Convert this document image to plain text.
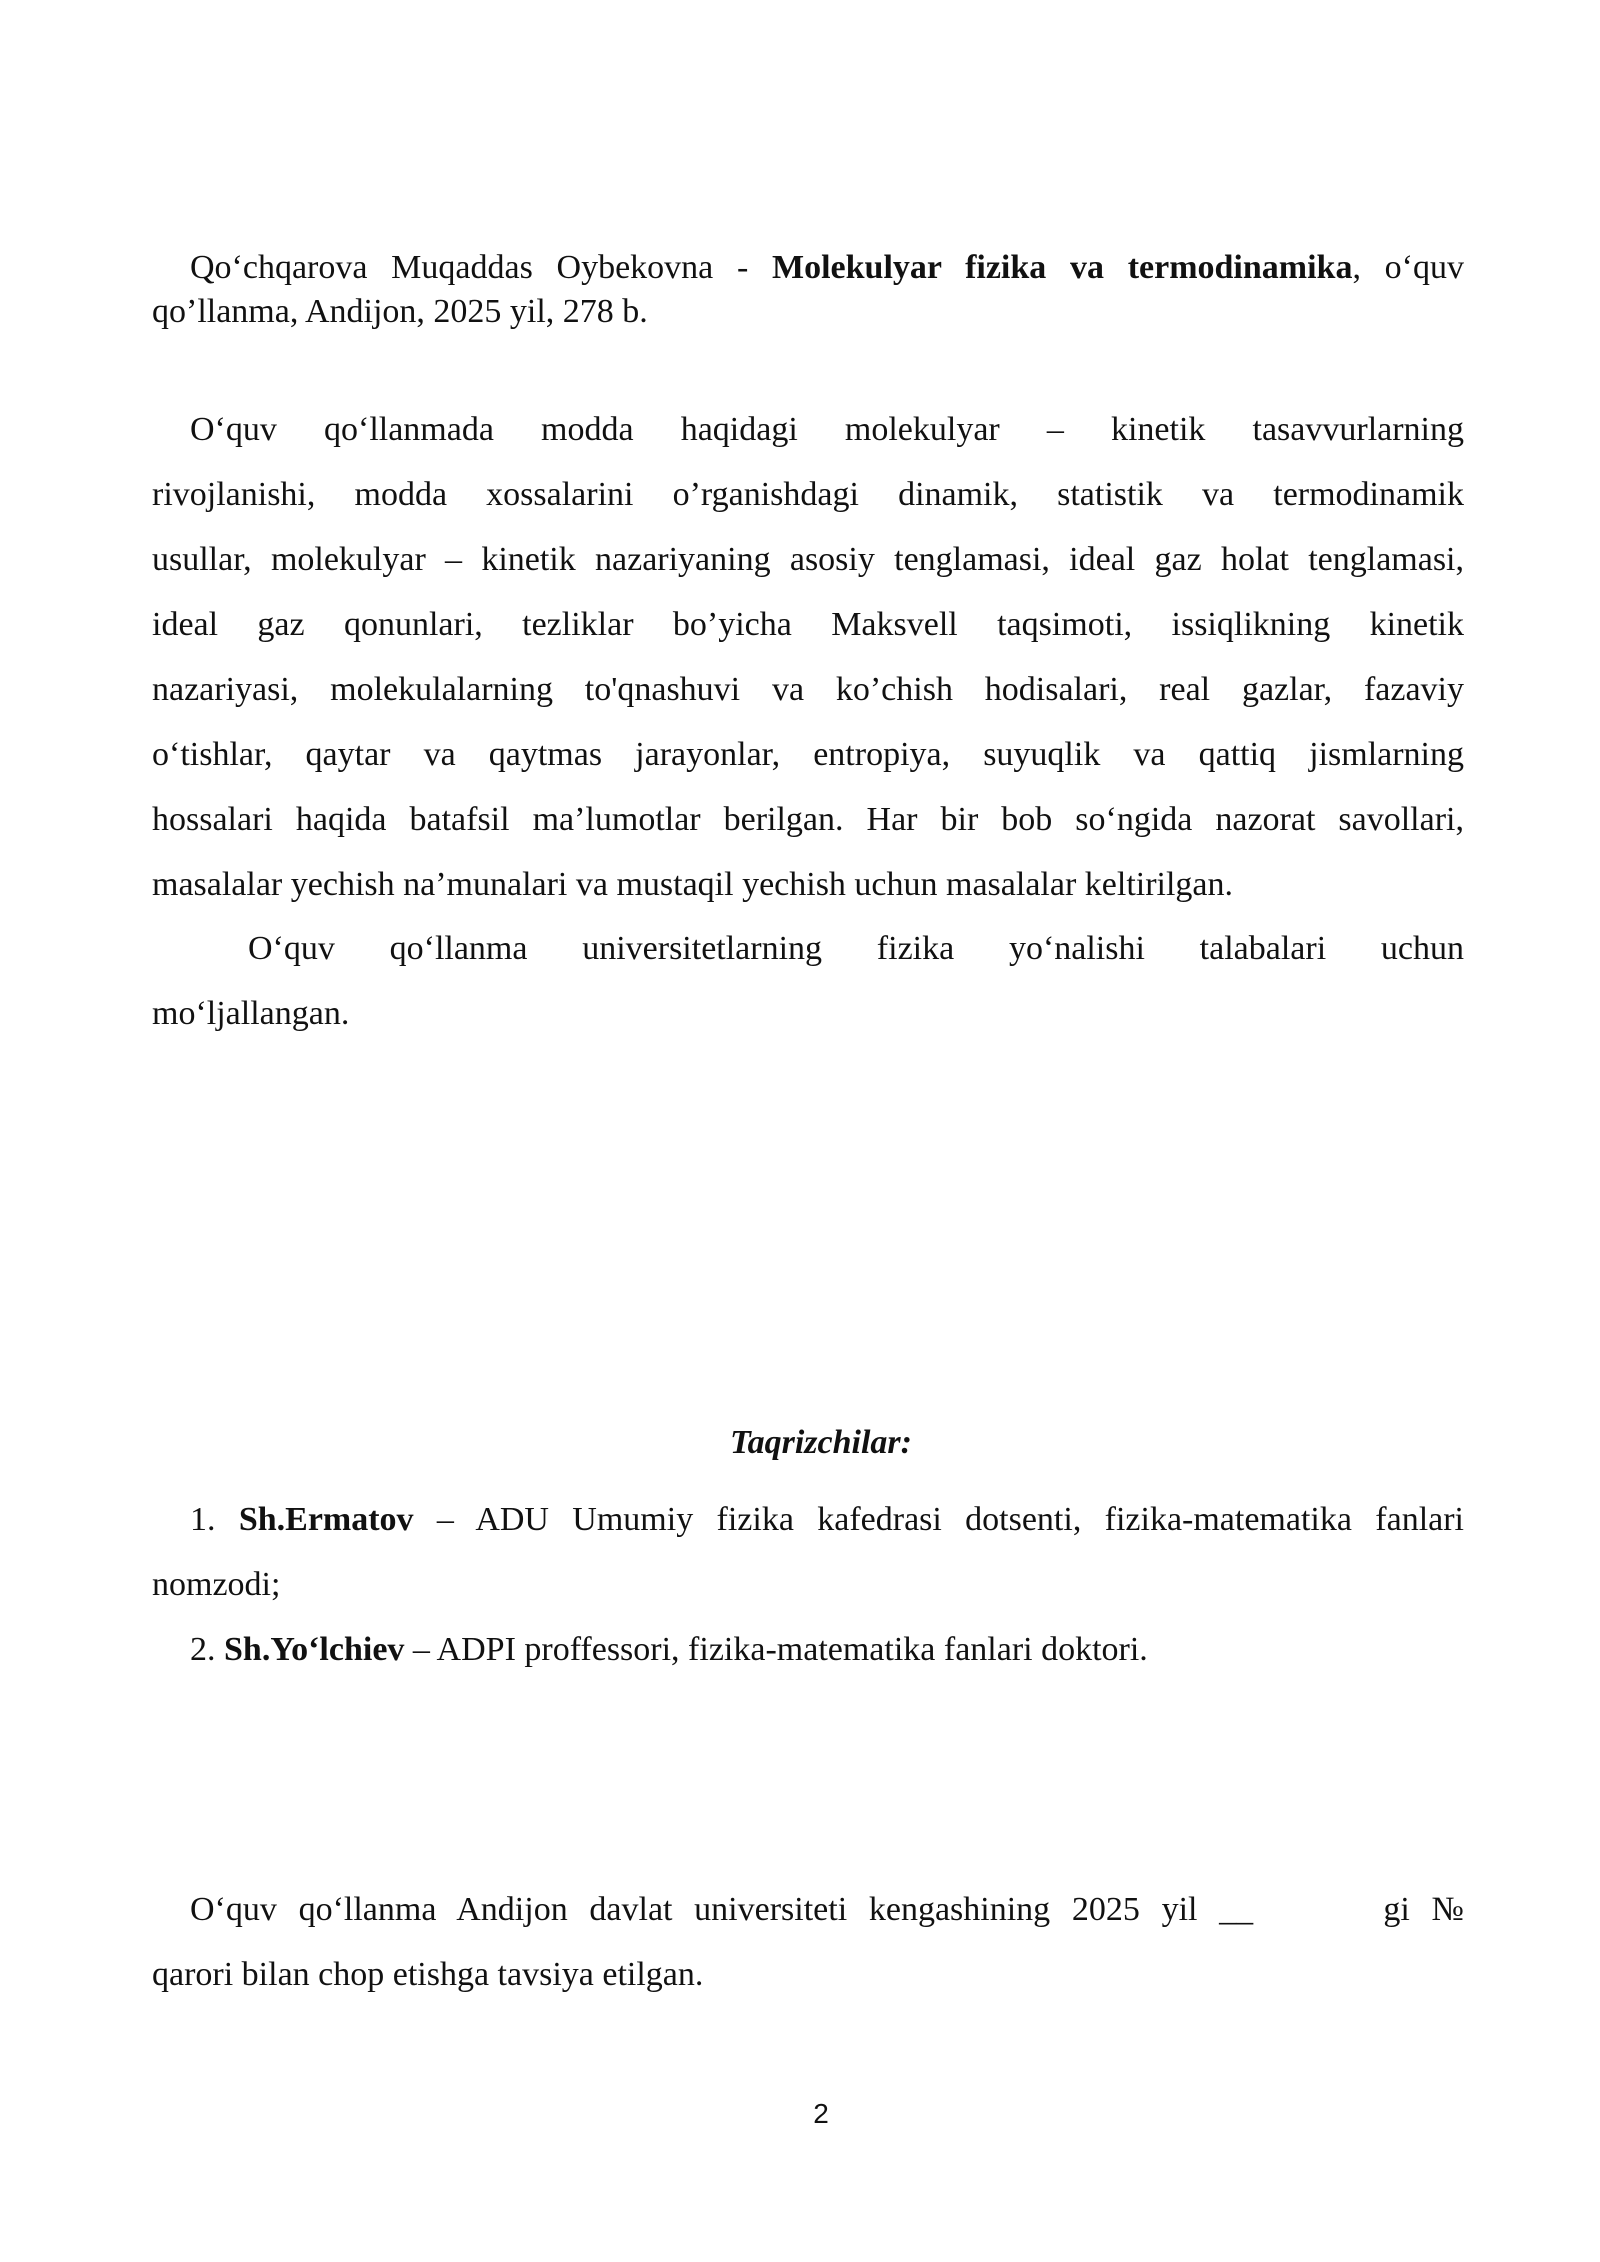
Qo‘chqarova Muqaddas Oybekovna - Molekulyar fizika va termodinamika, o‘quv
qo’llanma, Andijon, 2025 yil, 278 b.
O‘quv qo‘llanmada modda haqidagi molekulyar – kinetik tasavvurlarning
rivojlanishi, modda xossalarini o’rganishdagi dinamik, statistik va termodinamik
usullar, molekulyar – kinetik nazariyaning asosiy tenglamasi, ideal gaz holat tenglamasi,
ideal gaz qonunlari, tezliklar bo’yicha Maksvell taqsimoti, issiqlikning kinetik
nazariyasi, molekulalarning to'qnashuvi va ko’chish hodisalari, real gazlar, fazaviy
o‘tishlar, qaytar va qaytmas jarayonlar, entropiya, suyuqlik va qattiq jismlarning
hossalari haqida batafsil ma’lumotlar berilgan. Har bir bob so‘ngida nazorat savollari,
masalalar yechish na’munalari va mustaqil yechish uchun masalalar keltirilgan.
O‘quv qo‘llanma universitetlarning fizika yo‘nalishi talabalari uchun
mo‘ljallangan.
Taqrizchilar:
1. Sh.Ermatov – ADU Umumiy fizika kafedrasi dotsenti, fizika-matematika fanlari
nomzodi;
2. Sh.Yo‘lchiev – ADPI proffessori, fizika-matematika fanlari doktori.
O‘quv qo‘llanma Andijon davlat universiteti kengashining 2025 yil __      gi №
qarori bilan chop etishga tavsiya etilgan.
2
